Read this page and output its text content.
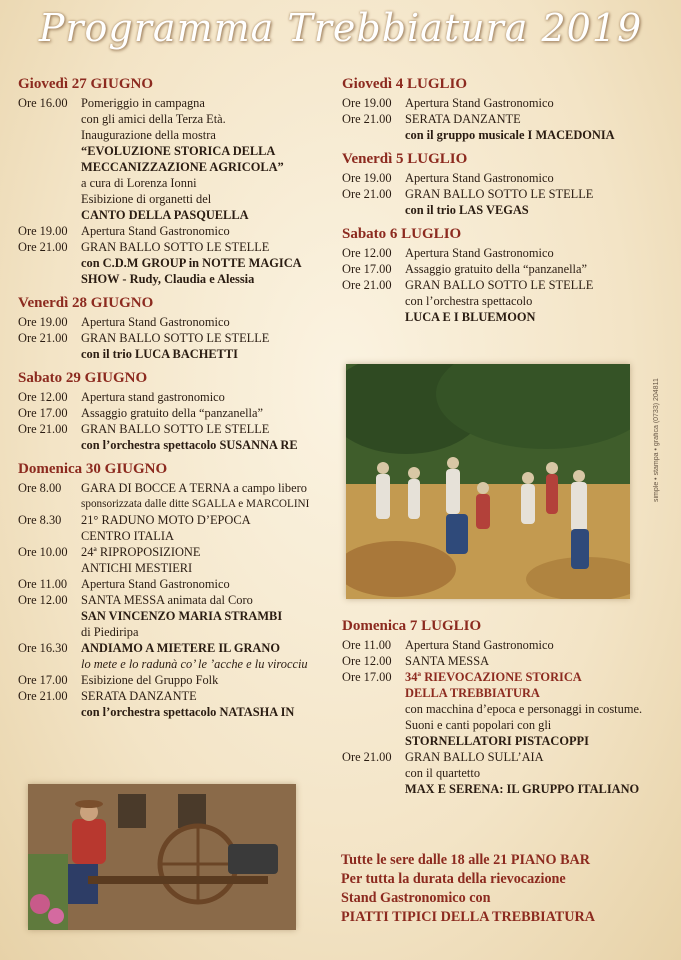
Programma Trebbiatura 2019
Giovedì 27 GIUGNO
Ore 16.00	Pomeriggio in campagna
con gli amici della Terza Età.
Inaugurazione della mostra
“EVOLUZIONE STORICA DELLA
MECCANIZZAZIONE AGRICOLA”
a cura di Lorenza Ionni
Esibizione di organetti del
CANTO DELLA PASQUELLA
Ore 19.00	Apertura Stand Gastronomico
Ore 21.00	GRAN BALLO SOTTO LE STELLE
con C.D.M GROUP in NOTTE MAGICA
SHOW - Rudy, Claudia e Alessia
Venerdì 28 GIUGNO
Ore 19.00	Apertura Stand Gastronomico
Ore 21.00	GRAN BALLO SOTTO LE STELLE
con il trio LUCA BACHETTI
Sabato 29 GIUGNO
Ore 12.00	Apertura stand gastronomico
Ore 17.00	Assaggio gratuito della “panzanella”
Ore 21.00	GRAN BALLO SOTTO LE STELLE
con l’orchestra spettacolo SUSANNA RE
Domenica 30 GIUGNO
Ore 8.00	GARA DI BOCCE A TERNA a campo libero
sponsorizzata dalle ditte SGALLA e MARCOLINI
Ore 8.30	21° RADUNO MOTO D’EPOCA
CENTRO ITALIA
Ore 10.00	24ª RIPROPOSIZIONE
ANTICHI MESTIERI
Ore 11.00	Apertura Stand Gastronomico
Ore 12.00	SANTA MESSA animata dal Coro
SAN VINCENZO MARIA STRAMBI
di Piediripa
Ore 16.30	ANDIAMO A MIETERE IL GRANO
lo mete e lo radunà co’ le ’acche e lu virocciu
Ore 17.00	Esibizione del Gruppo Folk
Ore 21.00	SERATA DANZANTE
con l’orchestra spettacolo NATASHA IN
Giovedì 4 LUGLIO
Ore 19.00	Apertura Stand Gastronomico
Ore 21.00	SERATA DANZANTE
con il gruppo musicale I MACEDONIA
Venerdì 5 LUGLIO
Ore 19.00	Apertura Stand Gastronomico
Ore 21.00	GRAN BALLO SOTTO LE STELLE
con il trio LAS VEGAS
Sabato 6 LUGLIO
Ore 12.00	Apertura Stand Gastronomico
Ore 17.00	Assaggio gratuito della “panzanella”
Ore 21.00	GRAN BALLO SOTTO LE STELLE
con l’orchestra spettacolo
LUCA E I BLUEMOON
simple • stampa • grafica (0733) 204811
Tutte le sere dalle 18 alle 21 PIANO BAR
Per tutta la durata della rievocazione
Stand Gastronomico con
PIATTI TIPICI DELLA TREBBIATURA
Domenica 7 LUGLIO
Ore 11.00	Apertura Stand Gastronomico
Ore 12.00	SANTA MESSA
Ore 17.00	34ª RIEVOCAZIONE STORICA
DELLA TREBBIATURA
con macchina d’epoca e personaggi in costume.
Suoni e canti popolari con gli
STORNELLATORI PISTACOPPI
Ore 21.00	GRAN BALLO SULL’AIA
con il quartetto
MAX E SERENA: IL GRUPPO ITALIANO
